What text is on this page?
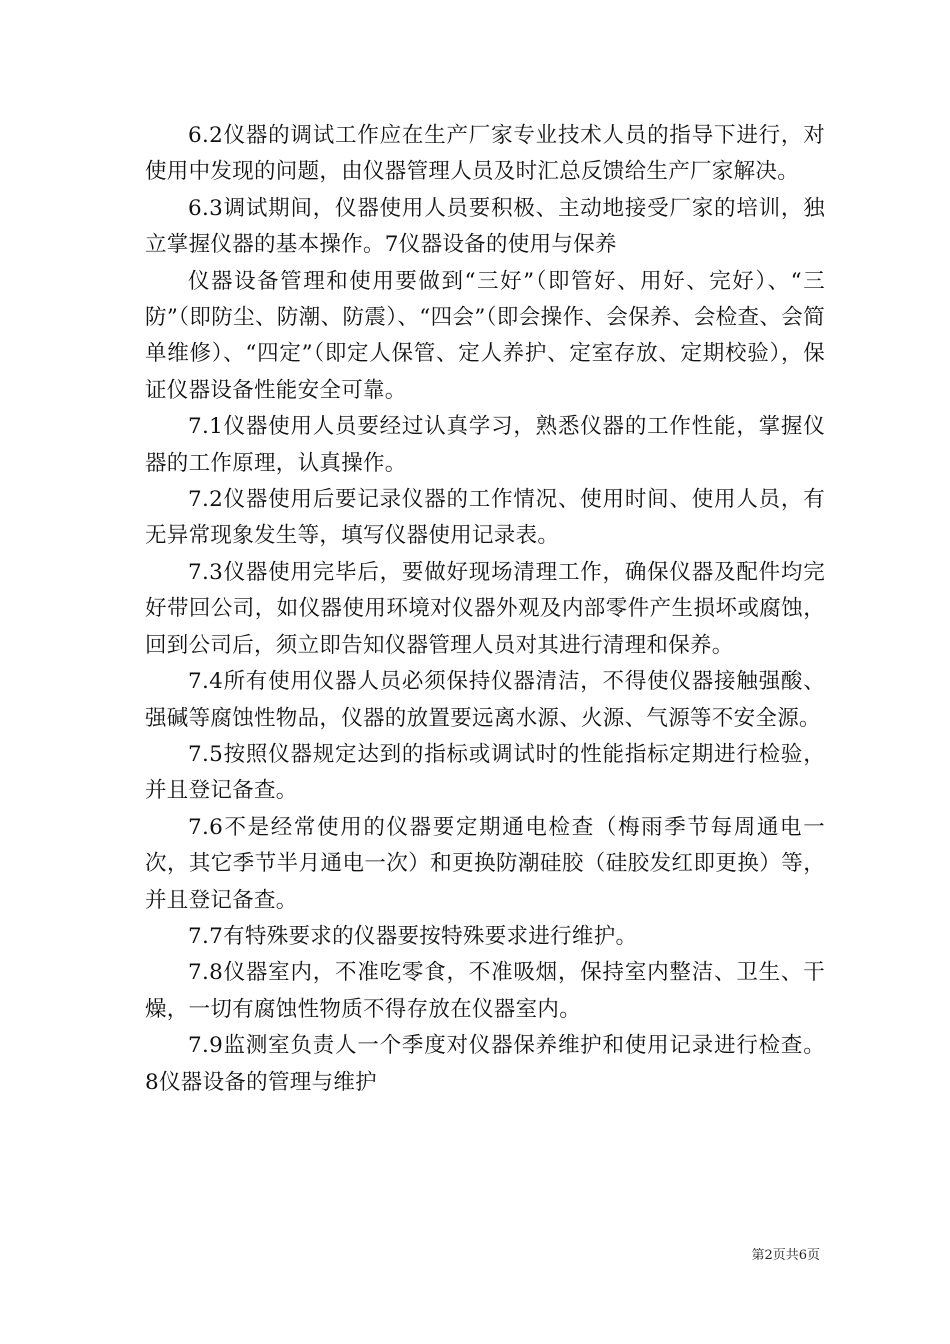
6.2仪器的调试工作应在生产厂家专业技术人员的指导下进行，对使用中发现的问题，由仪器管理人员及时汇总反馈给生产厂家解决。

6.3调试期间，仪器使用人员要积极、主动地接受厂家的培训，独立掌握仪器的基本操作。7仪器设备的使用与保养

仪器设备管理和使用要做到“三好”（即管好、用好、完好）、“三防”（即防尘、防潮、防震）、“四会”（即会操作、会保养、会检查、会简单维修）、“四定”（即定人保管、定人养护、定室存放、定期校验），保证仪器设备性能安全可靠。

7.1仪器使用人员要经过认真学习，熟悉仪器的工作性能，掌握仪器的工作原理，认真操作。

7.2仪器使用后要记录仪器的工作情况、使用时间、使用人员，有无异常现象发生等，填写仪器使用记录表。

7.3仪器使用完毕后，要做好现场清理工作，确保仪器及配件均完好带回公司，如仪器使用环境对仪器外观及内部零件产生损坏或腐蚀，回到公司后，须立即告知仪器管理人员对其进行清理和保养。

7.4所有使用仪器人员必须保持仪器清洁，不得使仪器接触强酸、强碱等腐蚀性物品，仪器的放置要远离水源、火源、气源等不安全源。

7.5按照仪器规定达到的指标或调试时的性能指标定期进行检验，并且登记备查。

7.6不是经常使用的仪器要定期通电检查（梅雨季节每周通电一次，其它季节半月通电一次）和更换防潮硅胶（硅胶发红即更换）等，并且登记备查。

7.7有特殊要求的仪器要按特殊要求进行维护。

7.8仪器室内，不准吃零食，不准吸烟，保持室内整洁、卫生、干燥，一切有腐蚀性物质不得存放在仪器室内。

7.9监测室负责人一个季度对仪器保养维护和使用记录进行检查。8仪器设备的管理与维护

第2页共6页
